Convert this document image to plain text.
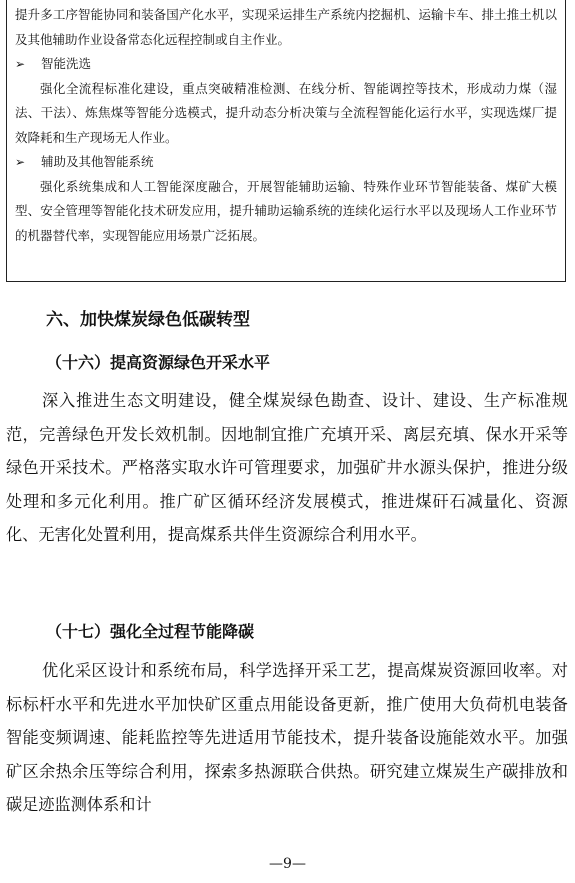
提升多工序智能协同和装备国产化水平，实现采运排生产系统内挖掘机、运输卡车、排土推土机以及其他辅助作业设备常态化远程控制或自主作业。

➢	智能洗选

强化全流程标准化建设，重点突破精准检测、在线分析、智能调控等技术，形成动力煤（湿法、干法）、炼焦煤等智能分选模式，提升动态分析决策与全流程智能化运行水平，实现选煤厂提效降耗和生产现场无人作业。

➢	辅助及其他智能系统

强化系统集成和人工智能深度融合，开展智能辅助运输、特殊作业环节智能装备、煤矿大模型、安全管理等智能化技术研发应用，提升辅助运输系统的连续化运行水平以及现场人工作业环节的机器替代率，实现智能应用场景广泛拓展。

六、加快煤炭绿色低碳转型
（十六）提高资源绿色开采水平

深入推进生态文明建设，健全煤炭绿色勘查、设计、建设、生产标准规范，完善绿色开发长效机制。因地制宜推广充填开采、离层充填、保水开采等绿色开采技术。严格落实取水许可管理要求，加强矿井水源头保护，推进分级处理和多元化利用。推广矿区循环经济发展模式，推进煤矸石减量化、资源化、无害化处置利用，提高煤系共伴生资源综合利用水平。

（十七）强化全过程节能降碳

优化采区设计和系统布局，科学选择开采工艺，提高煤炭资源回收率。对标标杆水平和先进水平加快矿区重点用能设备更新，推广使用大负荷机电装备智能变频调速、能耗监控等先进适用节能技术，提升装备设施能效水平。加强矿区余热余压等综合利用，探索多热源联合供热。研究建立煤炭生产碳排放和碳足迹监测体系和计

—9—
